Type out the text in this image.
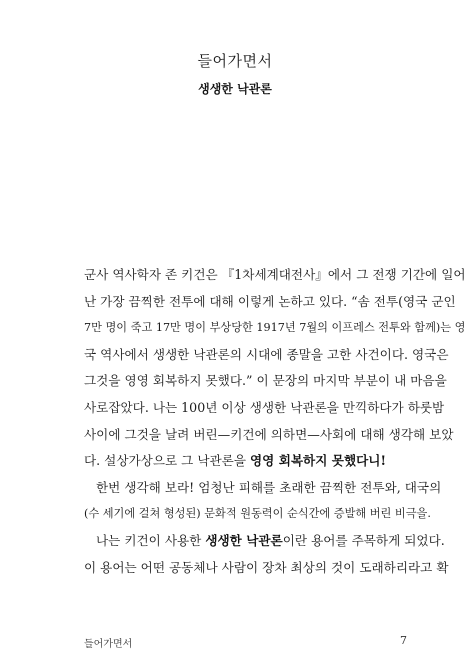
들어가면서
생생한 낙관론
군사 역사학자 존 키건은 『1차세계대전사』에서 그 전쟁 기간에 일어
난 가장 끔찍한 전투에 대해 이렇게 논하고 있다. “솜 전투(영국 군인
7만 명이 죽고 17만 명이 부상당한 1917년 7월의 이프레스 전투와 함께)는 영
국 역사에서 생생한 낙관론의 시대에 종말을 고한 사건이다. 영국은
그것을 영영 회복하지 못했다.” 이 문장의 마지막 부분이 내 마음을
사로잡았다. 나는 100년 이상 생생한 낙관론을 만끽하다가 하룻밤
사이에 그것을 날려 버린—키건에 의하면—사회에 대해 생각해 보았
다. 설상가상으로 그 낙관론을 영영 회복하지 못했다니!
한번 생각해 보라! 엄청난 피해를 초래한 끔찍한 전투와, 대국의
(수 세기에 걸쳐 형성된) 문화적 원동력이 순식간에 증발해 버린 비극을.
나는 키건이 사용한 생생한 낙관론이란 용어를 주목하게 되었다.
이 용어는 어떤 공동체나 사람이 장차 최상의 것이 도래하리라고 확
들어가면서	7
